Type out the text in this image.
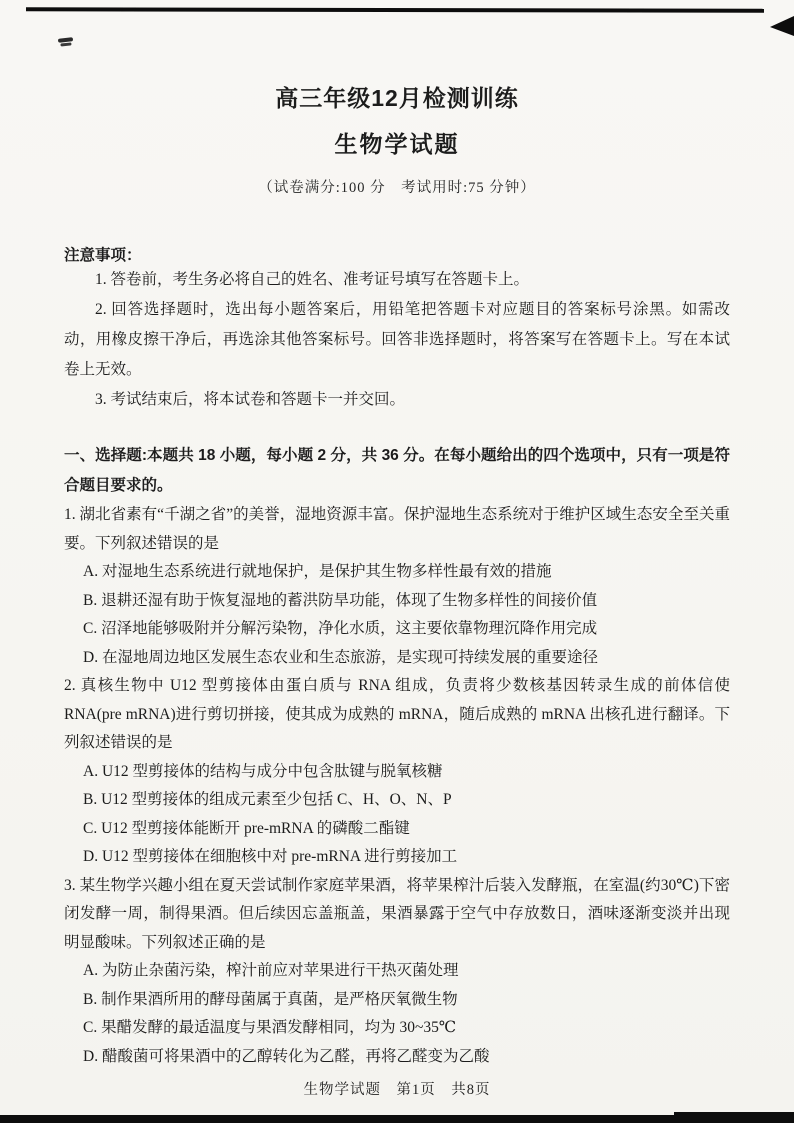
高三年级12月检测训练
生物学试题
（试卷满分:100 分　考试用时:75 分钟）
注意事项：

1. 答卷前，考生务必将自己的姓名、准考证号填写在答题卡上。

2. 回答选择题时，选出每小题答案后，用铅笔把答题卡对应题目的答案标号涂黑。如需改动，用橡皮擦干净后，再选涂其他答案标号。回答非选择题时，将答案写在答题卡上。写在本试卷上无效。

3. 考试结束后，将本试卷和答题卡一并交回。

一、选择题:本题共 18 小题，每小题 2 分，共 36 分。在每小题给出的四个选项中，只有一项是符合题目要求的。

1. 湖北省素有“千湖之省”的美誉，湿地资源丰富。保护湿地生态系统对于维护区域生态安全至关重要。下列叙述错误的是

A. 对湿地生态系统进行就地保护，是保护其生物多样性最有效的措施

B. 退耕还湿有助于恢复湿地的蓄洪防旱功能，体现了生物多样性的间接价值

C. 沼泽地能够吸附并分解污染物，净化水质，这主要依靠物理沉降作用完成

D. 在湿地周边地区发展生态农业和生态旅游，是实现可持续发展的重要途径

2. 真核生物中 U12 型剪接体由蛋白质与 RNA 组成，负责将少数核基因转录生成的前体信使 RNA(pre mRNA)进行剪切拼接，使其成为成熟的 mRNA，随后成熟的 mRNA 出核孔进行翻译。下列叙述错误的是

A. U12 型剪接体的结构与成分中包含肽键与脱氧核糖

B. U12 型剪接体的组成元素至少包括 C、H、O、N、P

C. U12 型剪接体能断开 pre-mRNA 的磷酸二酯键

D. U12 型剪接体在细胞核中对 pre-mRNA 进行剪接加工

3. 某生物学兴趣小组在夏天尝试制作家庭苹果酒，将苹果榨汁后装入发酵瓶，在室温(约30℃)下密闭发酵一周，制得果酒。但后续因忘盖瓶盖，果酒暴露于空气中存放数日，酒味逐渐变淡并出现明显酸味。下列叙述正确的是

A. 为防止杂菌污染，榨汁前应对苹果进行干热灭菌处理

B. 制作果酒所用的酵母菌属于真菌，是严格厌氧微生物

C. 果醋发酵的最适温度与果酒发酵相同，均为 30~35℃

D. 醋酸菌可将果酒中的乙醇转化为乙醛，再将乙醛变为乙酸

生物学试题　第1页　共8页
